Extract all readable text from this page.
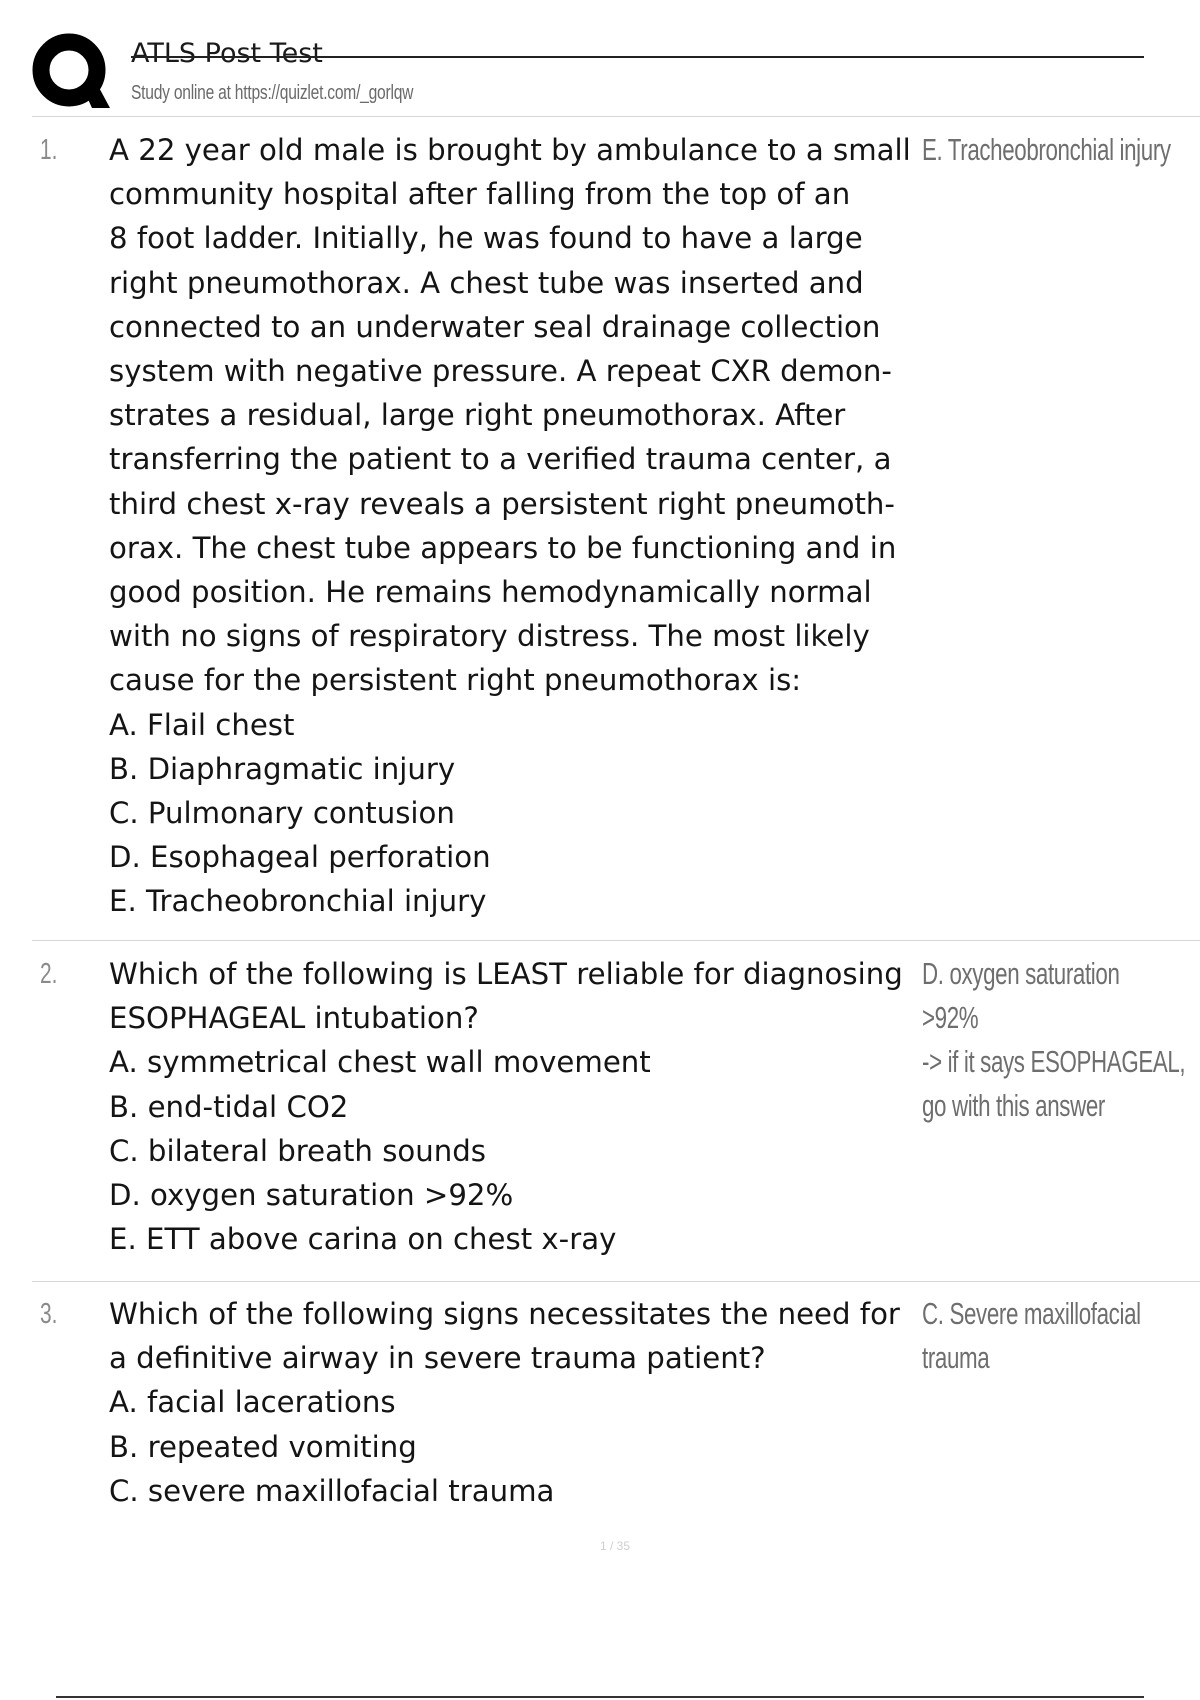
ATLS Post Test
Study online at https://quizlet.com/_gorlqw
1. A 22 year old male is brought by ambulance to a small
community hospital after falling from the top of an
8 foot ladder. Initially, he was found to have a large
right pneumothorax. A chest tube was inserted and
connected to an underwater seal drainage collection
system with negative pressure. A repeat CXR demon-
strates a residual, large right pneumothorax. After
transferring the patient to a verified trauma center, a
third chest x-ray reveals a persistent right pneumoth-
orax. The chest tube appears to be functioning and in
good position. He remains hemodynamically normal
with no signs of respiratory distress. The most likely
cause for the persistent right pneumothorax is:
A. Flail chest
B. Diaphragmatic injury
C. Pulmonary contusion
D. Esophageal perforation
E. Tracheobronchial injury
E. Tracheobronchial injury
2. Which of the following is LEAST reliable for diagnosing
ESOPHAGEAL intubation?
A. symmetrical chest wall movement
B. end-tidal CO2
C. bilateral breath sounds
D. oxygen saturation >92%
E. ETT above carina on chest x-ray
D. oxygen saturation
>92%
-> if it says ESOPHAGEAL,
go with this answer
3. Which of the following signs necessitates the need for
a definitive airway in severe trauma patient?
A. facial lacerations
B. repeated vomiting
C. severe maxillofacial trauma
C. Severe maxillofacial
trauma
1 / 35
